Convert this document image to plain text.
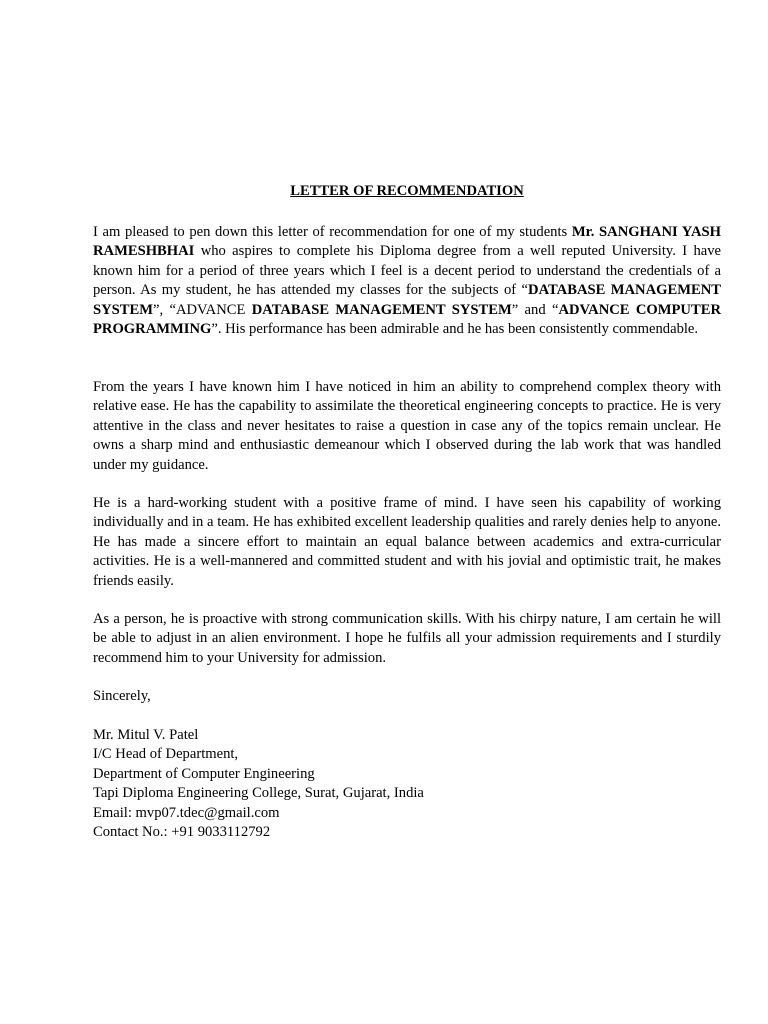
LETTER OF RECOMMENDATION

I am pleased to pen down this letter of recommendation for one of my students Mr. SANGHANI YASH RAMESHBHAI who aspires to complete his Diploma degree from a well reputed University. I have known him for a period of three years which I feel is a decent period to understand the credentials of a person. As my student, he has attended my classes for the subjects of “DATABASE MANAGEMENT SYSTEM”, “ADVANCE DATABASE MANAGEMENT SYSTEM” and “ADVANCE COMPUTER PROGRAMMING”. His performance has been admirable and he has been consistently commendable.

From the years I have known him I have noticed in him an ability to comprehend complex theory with relative ease. He has the capability to assimilate the theoretical engineering concepts to practice. He is very attentive in the class and never hesitates to raise a question in case any of the topics remain unclear. He owns a sharp mind and enthusiastic demeanour which I observed during the lab work that was handled under my guidance.

He is a hard-working student with a positive frame of mind. I have seen his capability of working individually and in a team. He has exhibited excellent leadership qualities and rarely denies help to anyone. He has made a sincere effort to maintain an equal balance between academics and extra-curricular activities. He is a well-mannered and committed student and with his jovial and optimistic trait, he makes friends easily.

As a person, he is proactive with strong communication skills. With his chirpy nature, I am certain he will be able to adjust in an alien environment. I hope he fulfils all your admission requirements and I sturdily recommend him to your University for admission.

Sincerely,

Mr. Mitul V. Patel
I/C Head of Department,
Department of Computer Engineering
Tapi Diploma Engineering College, Surat, Gujarat, India
Email: mvp07.tdec@gmail.com
Contact No.: +91 9033112792
